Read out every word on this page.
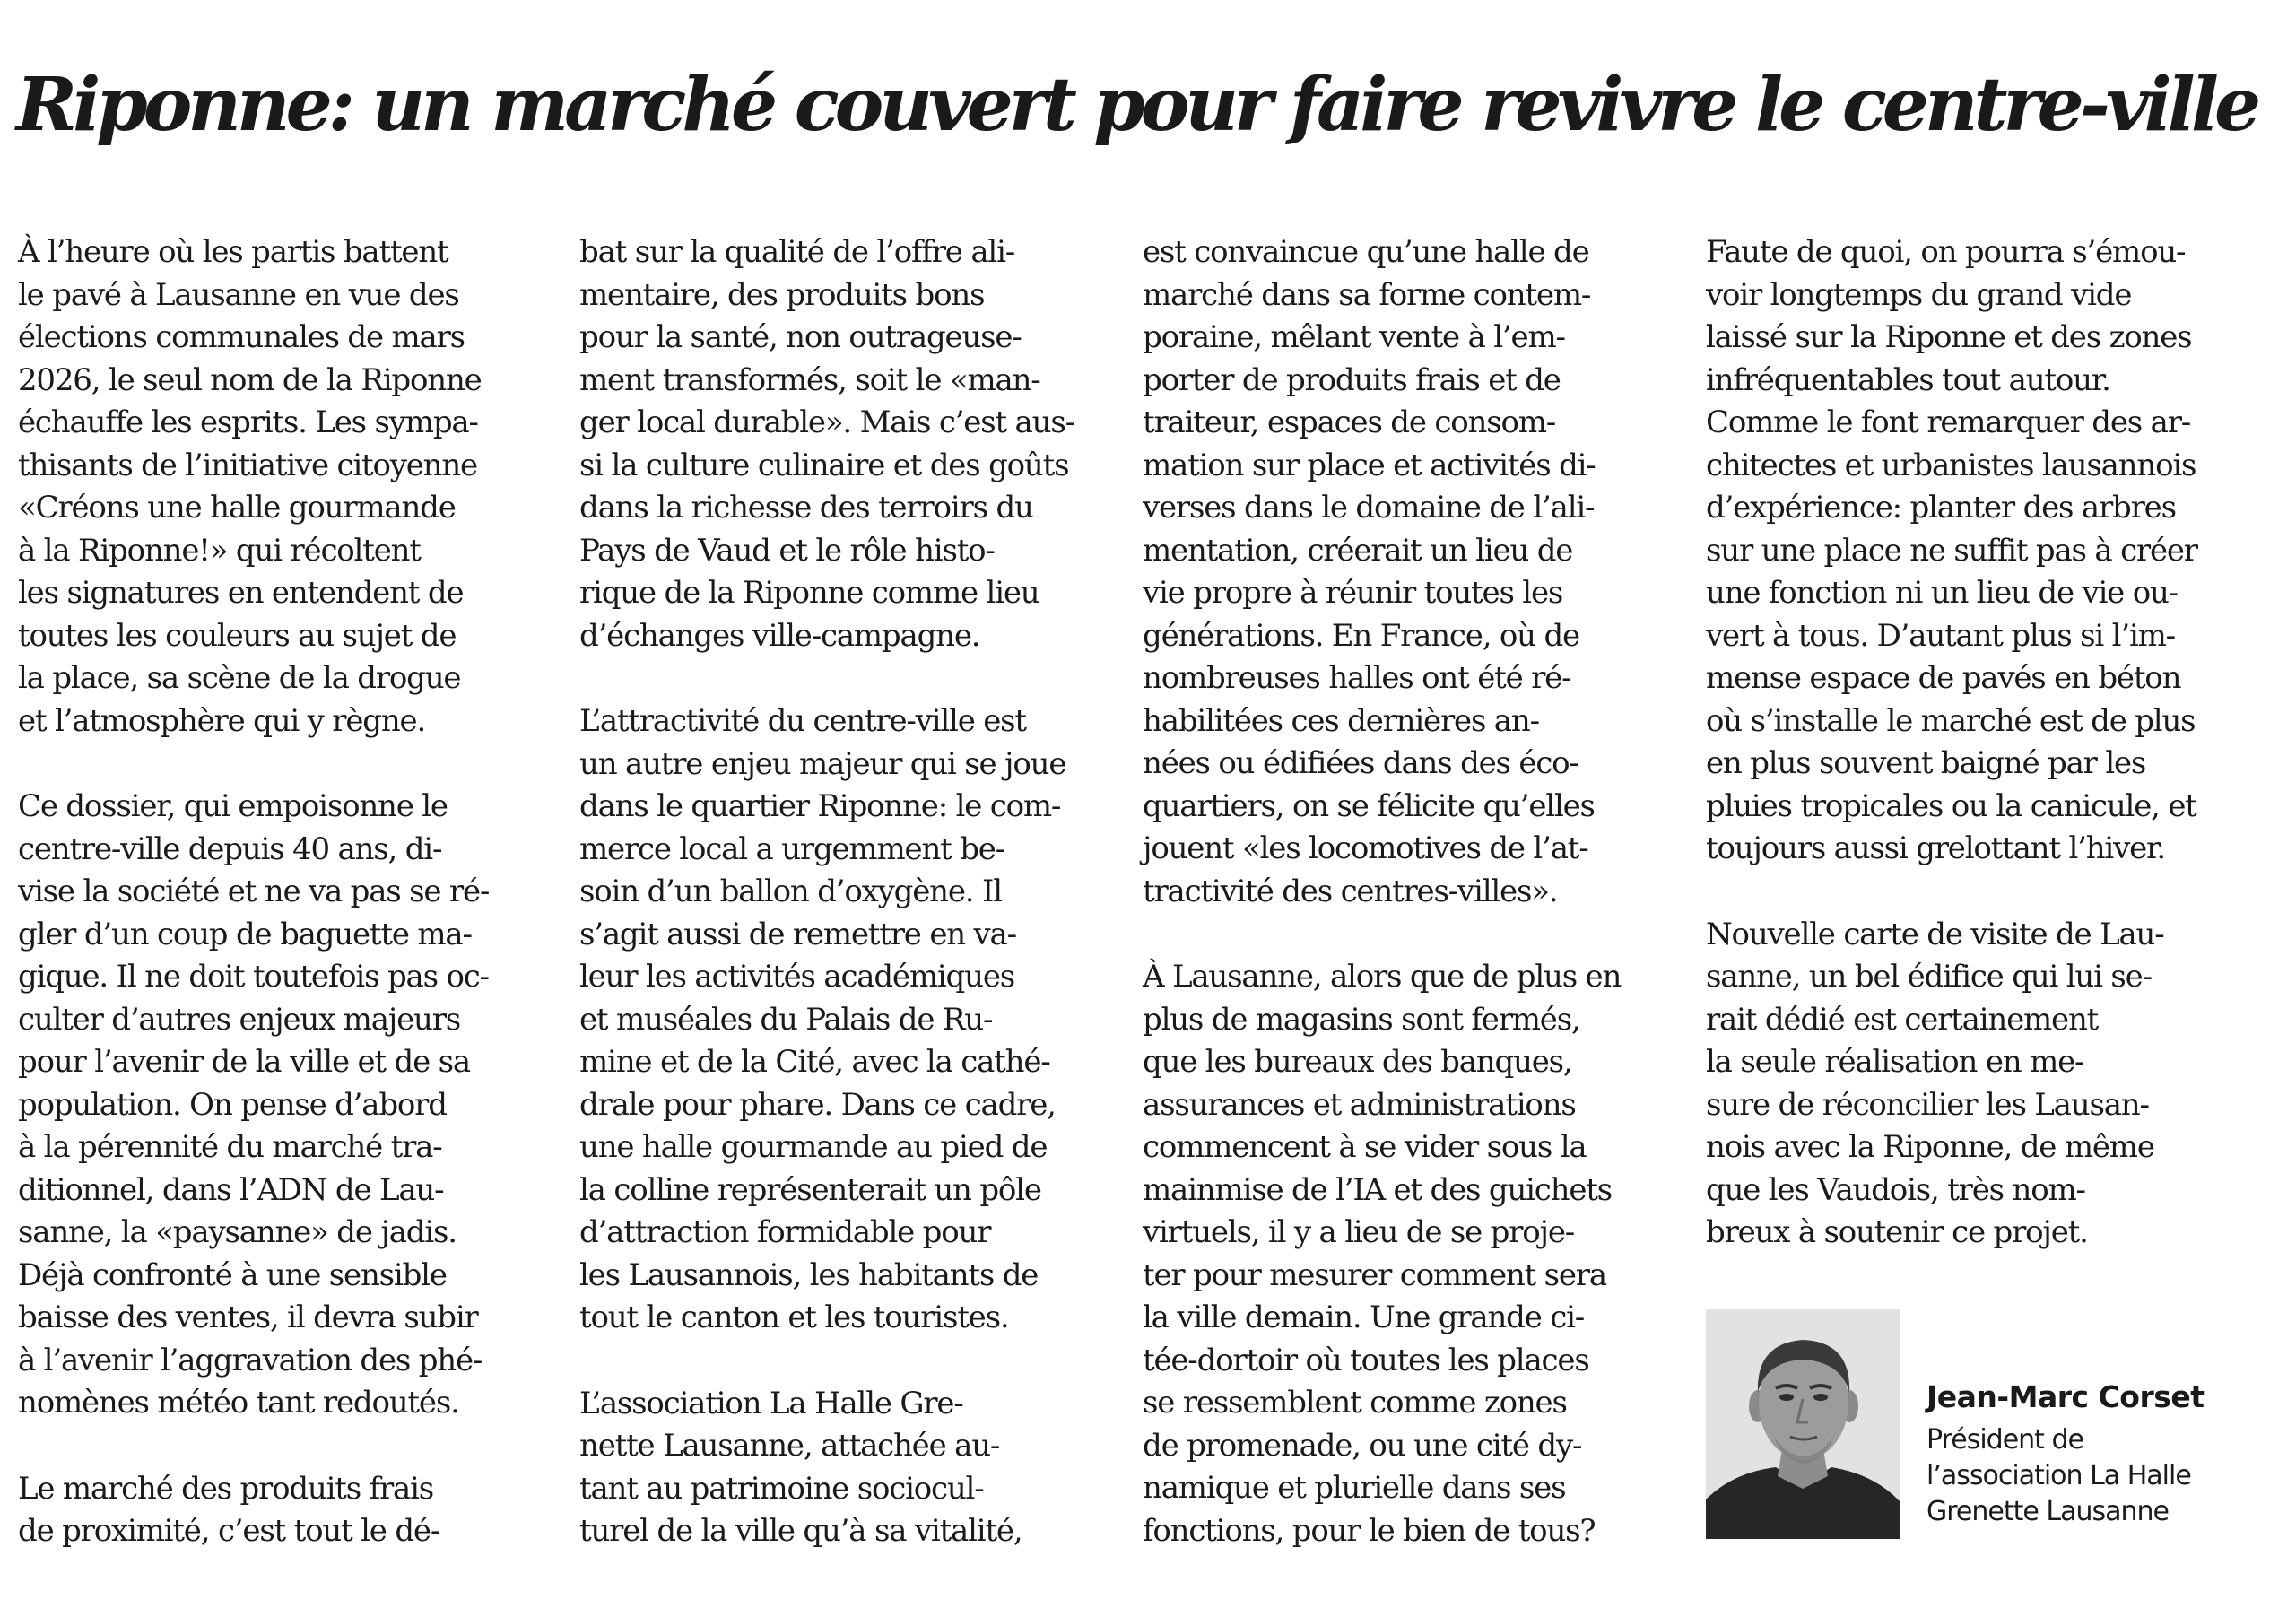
Riponne: un marché couvert pour faire revivre le centre-ville

À l’heure où les partis battent
le pavé à Lausanne en vue des
élections communales de mars
2026, le seul nom de la Riponne
échauffe les esprits. Les sympa-
thisants de l’initiative citoyenne
«Créons une halle gourmande
à la Riponne!» qui récoltent
les signatures en entendent de
toutes les couleurs au sujet de
la place, sa scène de la drogue
et l’atmosphère qui y règne.

Ce dossier, qui empoisonne le
centre-ville depuis 40 ans, di-
vise la société et ne va pas se ré-
gler d’un coup de baguette ma-
gique. Il ne doit toutefois pas oc-
culter d’autres enjeux majeurs
pour l’avenir de la ville et de sa
population. On pense d’abord
à la pérennité du marché tra-
ditionnel, dans l’ADN de Lau-
sanne, la «paysanne» de jadis.
Déjà confronté à une sensible
baisse des ventes, il devra subir
à l’avenir l’aggravation des phé-
nomènes météo tant redoutés.

Le marché des produits frais
de proximité, c’est tout le dé-

bat sur la qualité de l’offre ali-
mentaire, des produits bons
pour la santé, non outrageuse-
ment transformés, soit le «man-
ger local durable». Mais c’est aus-
si la culture culinaire et des goûts
dans la richesse des terroirs du
Pays de Vaud et le rôle histo-
rique de la Riponne comme lieu
d’échanges ville-campagne.

L’attractivité du centre-ville est
un autre enjeu majeur qui se joue
dans le quartier Riponne: le com-
merce local a urgemment be-
soin d’un ballon d’oxygène. Il
s’agit aussi de remettre en va-
leur les activités académiques
et muséales du Palais de Ru-
mine et de la Cité, avec la cathé-
drale pour phare. Dans ce cadre,
une halle gourmande au pied de
la colline représenterait un pôle
d’attraction formidable pour
les Lausannois, les habitants de
tout le canton et les touristes.

L’association La Halle Gre-
nette Lausanne, attachée au-
tant au patrimoine sociocul-
turel de la ville qu’à sa vitalité,

est convaincue qu’une halle de
marché dans sa forme contem-
poraine, mêlant vente à l’em-
porter de produits frais et de
traiteur, espaces de consom-
mation sur place et activités di-
verses dans le domaine de l’ali-
mentation, créerait un lieu de
vie propre à réunir toutes les
générations. En France, où de
nombreuses halles ont été ré-
habilitées ces dernières an-
nées ou édifiées dans des éco-
quartiers, on se félicite qu’elles
jouent «les locomotives de l’at-
tractivité des centres-villes».

À Lausanne, alors que de plus en
plus de magasins sont fermés,
que les bureaux des banques,
assurances et administrations
commencent à se vider sous la
mainmise de l’IA et des guichets
virtuels, il y a lieu de se proje-
ter pour mesurer comment sera
la ville demain. Une grande ci-
tée-dortoir où toutes les places
se ressemblent comme zones
de promenade, ou une cité dy-
namique et plurielle dans ses
fonctions, pour le bien de tous?

Faute de quoi, on pourra s’émou-
voir longtemps du grand vide
laissé sur la Riponne et des zones
infréquentables tout autour.
Comme le font remarquer des ar-
chitectes et urbanistes lausannois
d’expérience: planter des arbres
sur une place ne suffit pas à créer
une fonction ni un lieu de vie ou-
vert à tous. D’autant plus si l’im-
mense espace de pavés en béton
où s’installe le marché est de plus
en plus souvent baigné par les
pluies tropicales ou la canicule, et
toujours aussi grelottant l’hiver.

Nouvelle carte de visite de Lau-
sanne, un bel édifice qui lui se-
rait dédié est certainement
la seule réalisation en me-
sure de réconcilier les Lausan-
nois avec la Riponne, de même
que les Vaudois, très nom-
breux à soutenir ce projet.

Jean-Marc Corset
Président de
l’association La Halle
Grenette Lausanne
